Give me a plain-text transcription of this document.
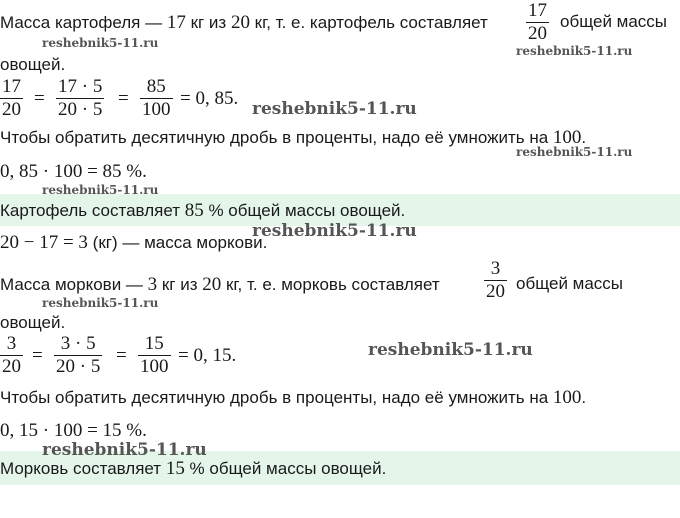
Масса картофеля — 17 кг из 20 кг, т. е. картофель составляет
17
20
общей массы
reshebnik5-11.ru
reshebnik5-11.ru
овощей.
17
20
=
17 · 5
20 · 5
=
85
100
= 0, 85. reshebnik5-11.ru
Чтобы обратить десятичную дробь в проценты, надо её умножить на 100.
reshebnik5-11.ru
0, 85 · 100 = 85 %.
reshebnik5-11.ru
Картофель составляет 85 % общей массы овощей.
reshebnik5-11.ru
20 − 17 = 3 (кг) — масса моркови.
Масса моркови — 3 кг из 20 кг, т. е. морковь составляет
3
20 общей массы
reshebnik5-11.ru
овощей.
3
20
=
3 · 5
20 · 5
=
15
100
= 0, 15.	reshebnik5-11.ru
Чтобы обратить десятичную дробь в проценты, надо её умножить на 100.
0, 15 · 100 = 15 %.
reshebnik5-11.ru
Морковь составляет 15 % общей массы овощей.
